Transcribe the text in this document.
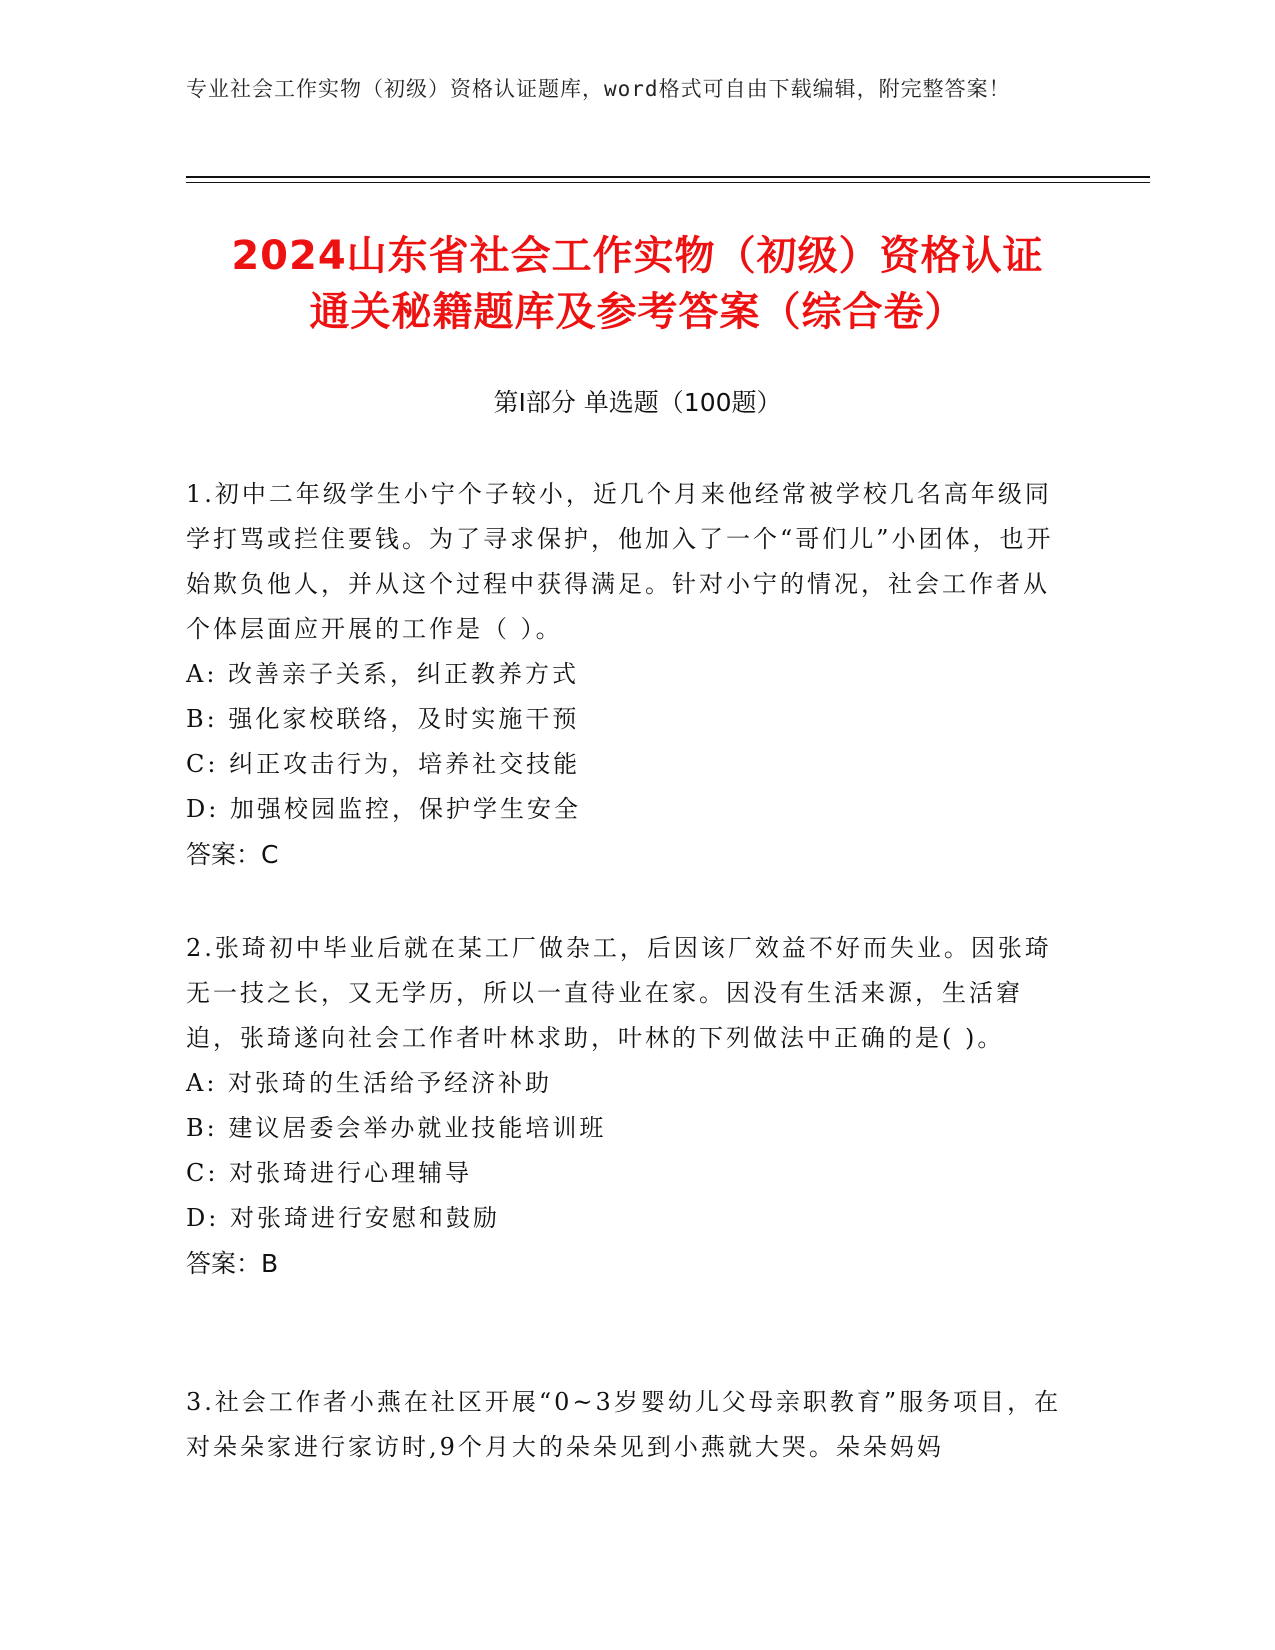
专业社会工作实物（初级）资格认证题库，word格式可自由下载编辑，附完整答案！
2024山东省社会工作实物（初级）资格认证
通关秘籍题库及参考答案（综合卷）
第Ⅰ部分 单选题（100题）

1.初中二年级学生小宁个子较小，近几个月来他经常被学校几名高年级同学打骂或拦住要钱。为了寻求保护，他加入了一个“哥们儿”小团体，也开始欺负他人，并从这个过程中获得满足。针对小宁的情况，社会工作者从个体层面应开展的工作是（ ）。

A: 改善亲子关系，纠正教养方式

B: 强化家校联络，及时实施干预

C: 纠正攻击行为，培养社交技能

D: 加强校园监控，保护学生安全

答案：C

2.张琦初中毕业后就在某工厂做杂工，后因该厂效益不好而失业。因张琦无一技之长，又无学历，所以一直待业在家。因没有生活来源，生活窘迫，张琦遂向社会工作者叶林求助，叶林的下列做法中正确的是( )。

A: 对张琦的生活给予经济补助

B: 建议居委会举办就业技能培训班

C: 对张琦进行心理辅导

D: 对张琦进行安慰和鼓励

答案：B

3.社会工作者小燕在社区开展“0~3岁婴幼儿父母亲职教育”服务项目，在对朵朵家进行家访时,9个月大的朵朵见到小燕就大哭。朵朵妈妈
